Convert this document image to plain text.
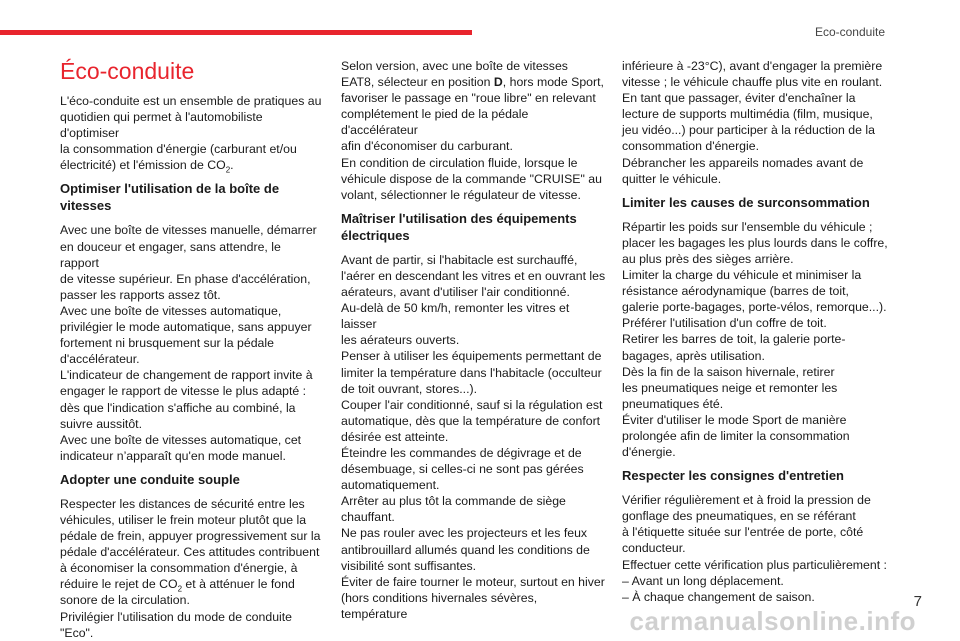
Eco-conduite
Éco-conduite

L'éco-conduite est un ensemble de pratiques au
quotidien qui permet à l'automobiliste d'optimiser
la consommation d'énergie (carburant et/ou
électricité) et l'émission de $CO_2$.

Optimiser l'utilisation de la boîte de vitesses

Avec une boîte de vitesses manuelle, démarrer
en douceur et engager, sans attendre, le rapport
de vitesse supérieur. En phase d'accélération,
passer les rapports assez tôt.
Avec une boîte de vitesses automatique,
privilégier le mode automatique, sans appuyer
fortement ni brusquement sur la pédale
d'accélérateur.
L'indicateur de changement de rapport invite à
engager le rapport de vitesse le plus adapté :
dès que l'indication s'affiche au combiné, la
suivre aussitôt.
Avec une boîte de vitesses automatique, cet
indicateur n’apparaît qu'en mode manuel.

Adopter une conduite souple

Respecter les distances de sécurité entre les
véhicules, utiliser le frein moteur plutôt que la
pédale de frein, appuyer progressivement sur la
pédale d'accélérateur. Ces attitudes contribuent
à économiser la consommation d'énergie, à
réduire le rejet de $CO_2$ et à atténuer le fond
sonore de la circulation.
Privilégier l'utilisation du mode de conduite
"Eco".

Selon version, avec une boîte de vitesses
EAT8, sélecteur en position D, hors mode Sport,
favoriser le passage en "roue libre" en relevant
complétement le pied de la pédale d'accélérateur
afin d'économiser du carburant.
En condition de circulation fluide, lorsque le
véhicule dispose de la commande "CRUISE" au
volant, sélectionner le régulateur de vitesse.

Maîtriser l'utilisation des équipements électriques

Avant de partir, si l'habitacle est surchauffé,
l'aérer en descendant les vitres et en ouvrant les
aérateurs, avant d'utiliser l'air conditionné.
Au-delà de 50 km/h, remonter les vitres et laisser
les aérateurs ouverts.
Penser à utiliser les équipements permettant de
limiter la température dans l'habitacle (occulteur
de toit ouvrant, stores...).
Couper l'air conditionné, sauf si la régulation est
automatique, dès que la température de confort
désirée est atteinte.
Éteindre les commandes de dégivrage et de
désembuage, si celles-ci ne sont pas gérées
automatiquement.
Arrêter au plus tôt la commande de siège
chauffant.
Ne pas rouler avec les projecteurs et les feux
antibrouillard allumés quand les conditions de
visibilité sont suffisantes.
Éviter de faire tourner le moteur, surtout en hiver
(hors conditions hivernales sévères, température

inférieure à -23°C), avant d'engager la première
vitesse ; le véhicule chauffe plus vite en roulant.
En tant que passager, éviter d'enchaîner la
lecture de supports multimédia (film, musique,
jeu vidéo...) pour participer à la réduction de la
consommation d'énergie.
Débrancher les appareils nomades avant de
quitter le véhicule.

Limiter les causes de surconsommation

Répartir les poids sur l'ensemble du véhicule ;
placer les bagages les plus lourds dans le coffre,
au plus près des sièges arrière.
Limiter la charge du véhicule et minimiser la
résistance aérodynamique (barres de toit,
galerie porte-bagages, porte-vélos, remorque...).
Préférer l'utilisation d'un coffre de toit.
Retirer les barres de toit, la galerie porte-
bagages, après utilisation.
Dès la fin de la saison hivernale, retirer
les pneumatiques neige et remonter les
pneumatiques été.
Éviter d'utiliser le mode Sport de manière
prolongée afin de limiter la consommation
d'énergie.

Respecter les consignes d'entretien

Vérifier régulièrement et à froid la pression de
gonflage des pneumatiques, en se référant
à l'étiquette située sur l'entrée de porte, côté
conducteur.
Effectuer cette vérification plus particulièrement :
– Avant un long déplacement.
– À chaque changement de saison.	7
carmanualsonline.info
